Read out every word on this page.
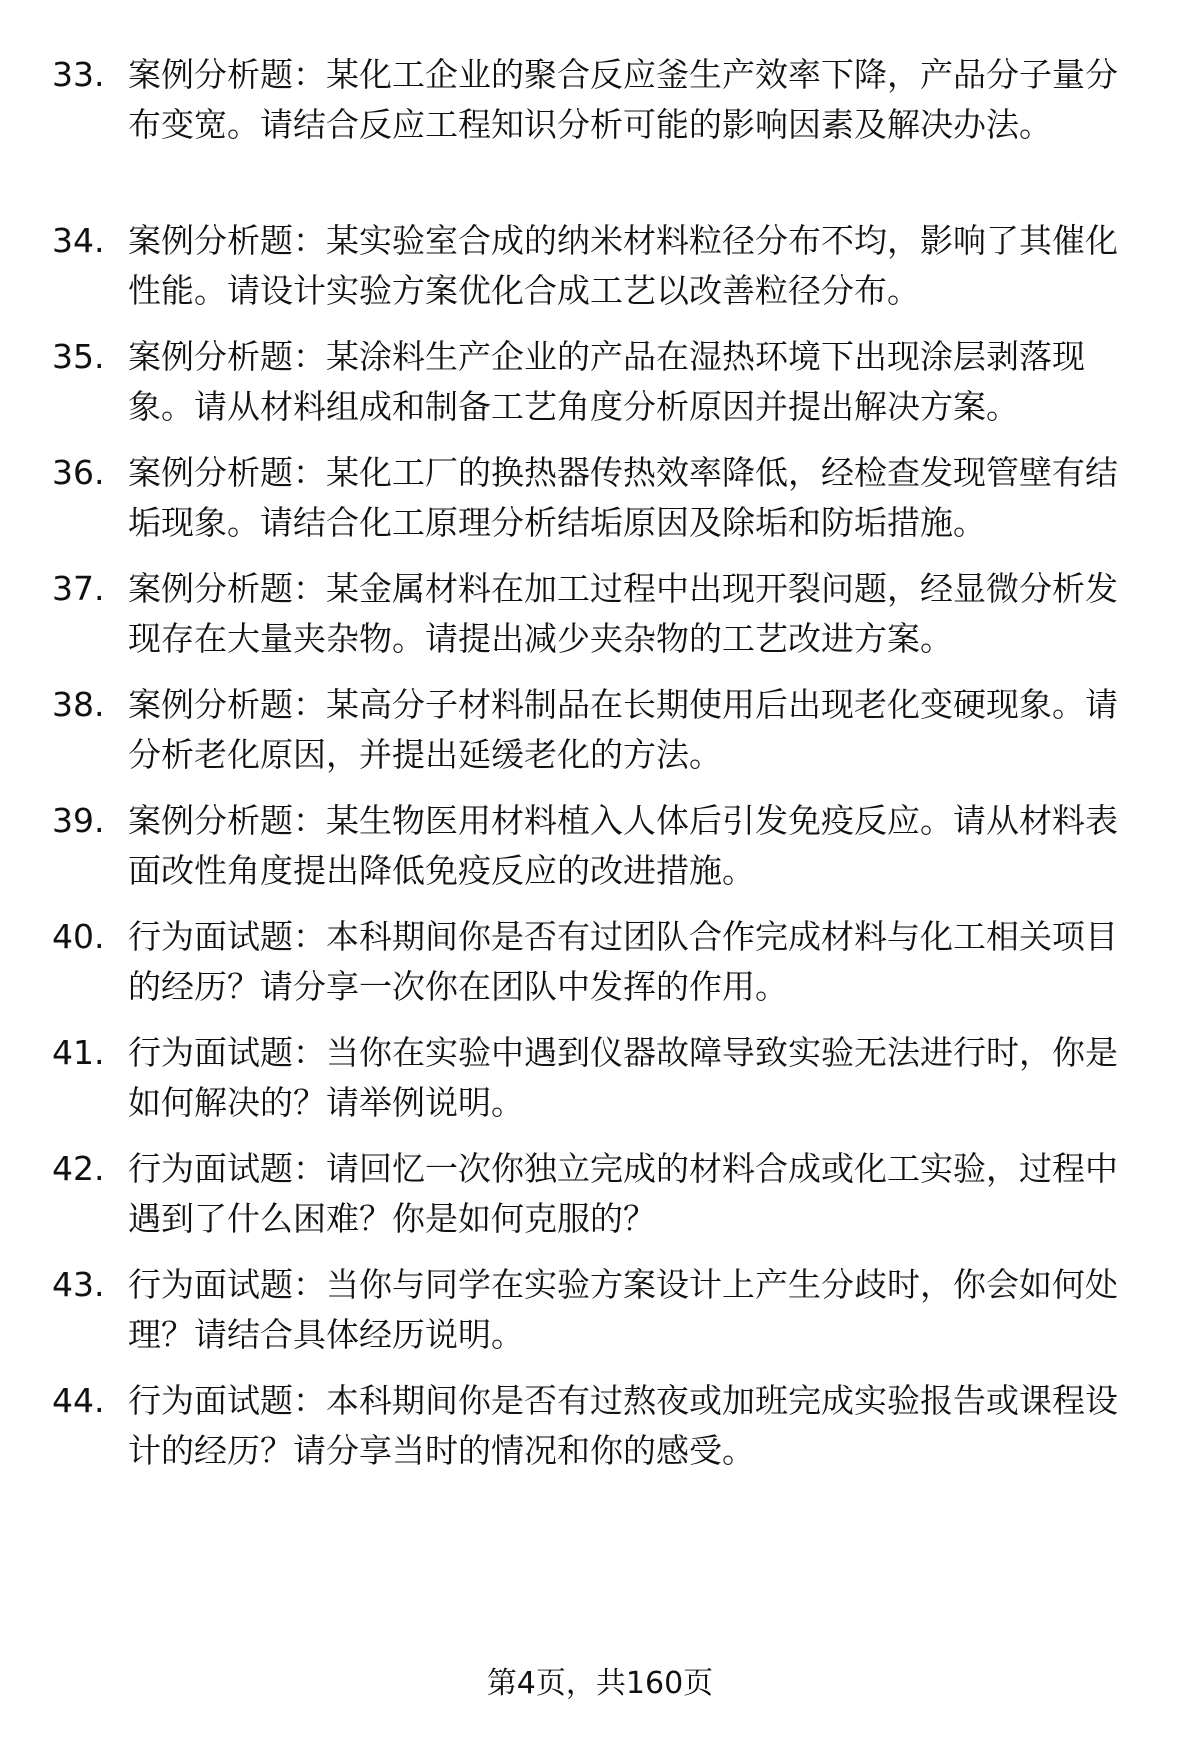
33. 案例分析题：某化工企业的聚合反应釜生产效率下降，产品分子量分布变宽。请结合反应工程知识分析可能的影响因素及解决办法。
34. 案例分析题：某实验室合成的纳米材料粒径分布不均，影响了其催化性能。请设计实验方案优化合成工艺以改善粒径分布。
35. 案例分析题：某涂料生产企业的产品在湿热环境下出现涂层剥落现象。请从材料组成和制备工艺角度分析原因并提出解决方案。
36. 案例分析题：某化工厂的换热器传热效率降低，经检查发现管壁有结垢现象。请结合化工原理分析结垢原因及除垢和防垢措施。
37. 案例分析题：某金属材料在加工过程中出现开裂问题，经显微分析发现存在大量夹杂物。请提出减少夹杂物的工艺改进方案。
38. 案例分析题：某高分子材料制品在长期使用后出现老化变硬现象。请分析老化原因，并提出延缓老化的方法。
39. 案例分析题：某生物医用材料植入人体后引发免疫反应。请从材料表面改性角度提出降低免疫反应的改进措施。
40. 行为面试题：本科期间你是否有过团队合作完成材料与化工相关项目的经历？请分享一次你在团队中发挥的作用。
41. 行为面试题：当你在实验中遇到仪器故障导致实验无法进行时，你是如何解决的？请举例说明。
42. 行为面试题：请回忆一次你独立完成的材料合成或化工实验，过程中遇到了什么困难？你是如何克服的？
43. 行为面试题：当你与同学在实验方案设计上产生分歧时，你会如何处理？请结合具体经历说明。
44. 行为面试题：本科期间你是否有过熬夜或加班完成实验报告或课程设计的经历？请分享当时的情况和你的感受。
第4页，共160页
